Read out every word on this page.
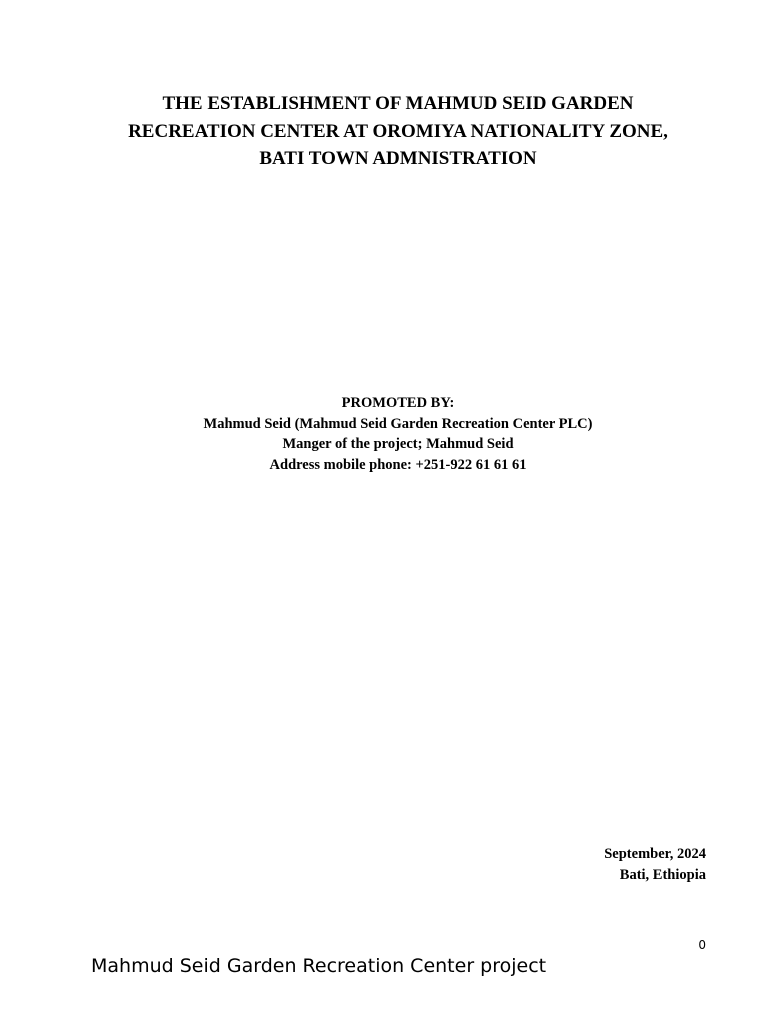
THE ESTABLISHMENT OF MAHMUD SEID GARDEN
RECREATION CENTER AT OROMIYA NATIONALITY ZONE,
BATI TOWN ADMNISTRATION
PROMOTED BY:
Mahmud Seid (Mahmud Seid Garden Recreation Center PLC)
Manger of the project; Mahmud Seid
Address mobile phone: +251-922 61 61 61
September, 2024
Bati, Ethiopia
0
Mahmud Seid Garden Recreation Center project
